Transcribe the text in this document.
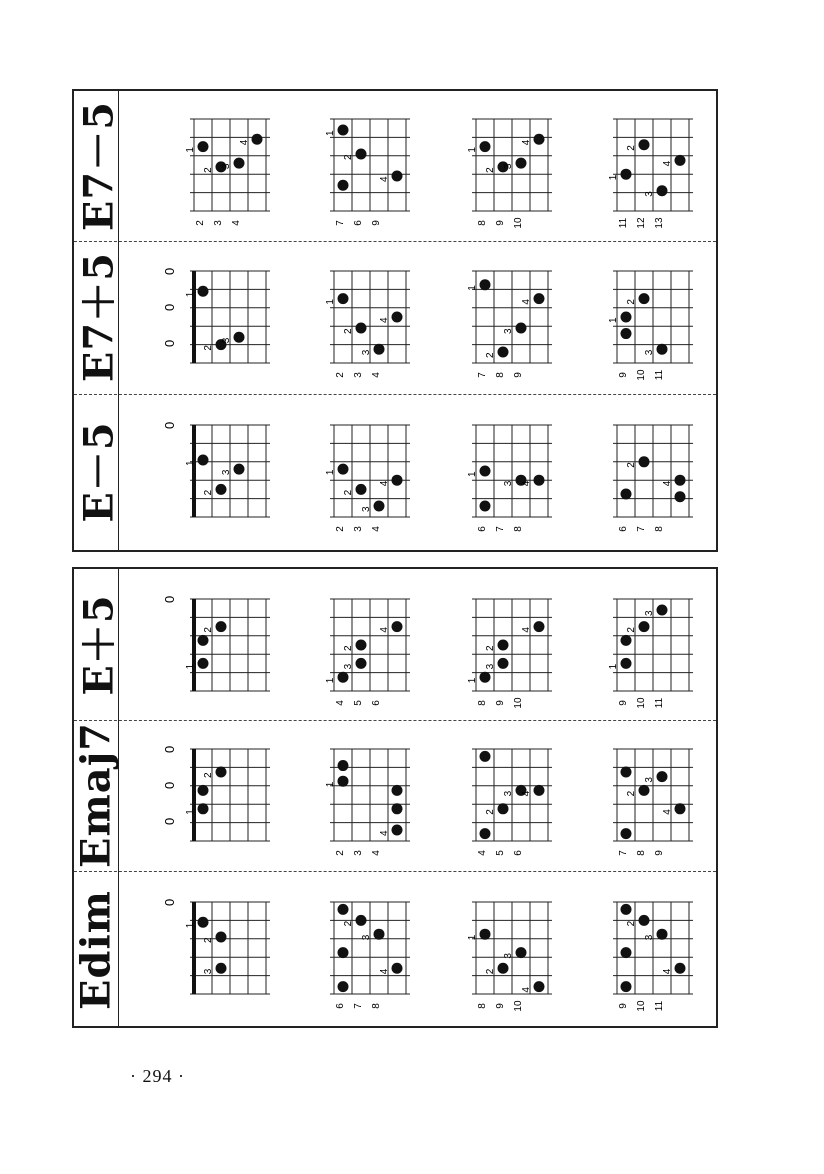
E7－5
E7＋5
E－5
2 3 4
1
2
3
4
7 6 9
1
2
4
8 9 10
1
2
3
4
11 12 13
1
2
3
4
0
0
0
1
2
3
2 3 4
1
2
3
4
7 8 9
1
2
3
4
9 10 11
1
2
3
0
1
2
3
2 3 4
1
2
3
4
6 7 8
1
3 4
6 7 8
2
4
E＋5
Emaj7
Edim
0
1
2
4 5 6
1
2
3
4
8 9 10
1
2
3
4
9 10 11
1
2
3
0
0
0
1
2
2 3 4
1
4
4 5 6
2
3 4
7 8 9
2
3
4
0
1
2
3
6 7 8
2
3
4
8 9 10
1
2
3
4
9 10 11
2
3
4
· 294 ·
